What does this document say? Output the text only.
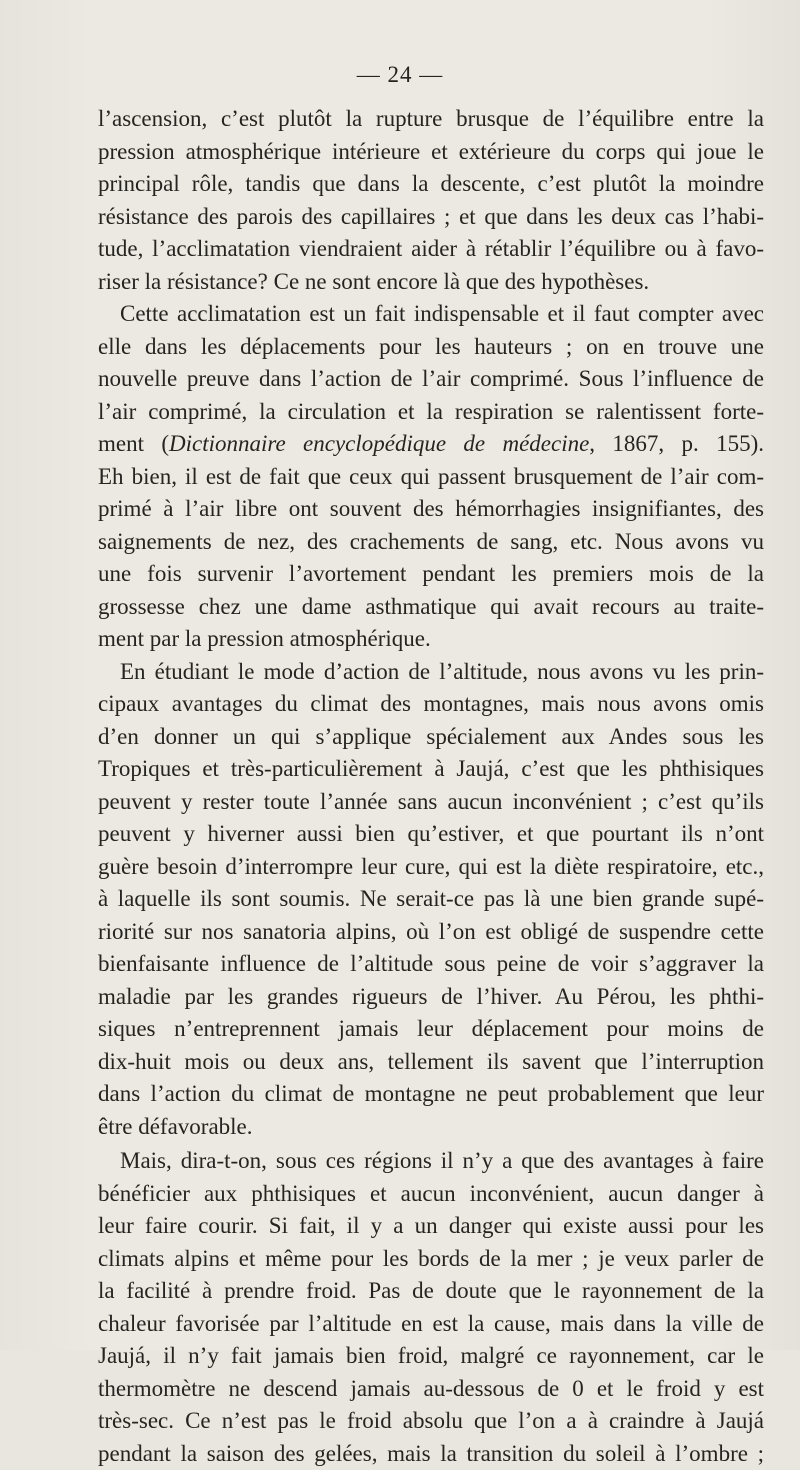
— 24 —
l’ascension, c’est plutôt la rupture brusque de l’équilibre entre la
pression atmosphérique intérieure et extérieure du corps qui joue le
principal rôle, tandis que dans la descente, c’est plutôt la moindre
résistance des parois des capillaires ; et que dans les deux cas l’habi-
tude, l’acclimatation viendraient aider à rétablir l’équilibre ou à favo-
riser la résistance? Ce ne sont encore là que des hypothèses.
Cette acclimatation est un fait indispensable et il faut compter avec
elle dans les déplacements pour les hauteurs ; on en trouve une
nouvelle preuve dans l’action de l’air comprimé. Sous l’influence de
l’air comprimé, la circulation et la respiration se ralentissent forte-
ment (Dictionnaire encyclopédique de médecine, 1867, p. 155).
Eh bien, il est de fait que ceux qui passent brusquement de l’air com-
primé à l’air libre ont souvent des hémorrhagies insignifiantes, des
saignements de nez, des crachements de sang, etc. Nous avons vu
une fois survenir l’avortement pendant les premiers mois de la
grossesse chez une dame asthmatique qui avait recours au traite-
ment par la pression atmosphérique.
En étudiant le mode d’action de l’altitude, nous avons vu les prin-
cipaux avantages du climat des montagnes, mais nous avons omis
d’en donner un qui s’applique spécialement aux Andes sous les
Tropiques et très-particulièrement à Jaujá, c’est que les phthisiques
peuvent y rester toute l’année sans aucun inconvénient ; c’est qu’ils
peuvent y hiverner aussi bien qu’estiver, et que pourtant ils n’ont
guère besoin d’interrompre leur cure, qui est la diète respiratoire, etc.,
à laquelle ils sont soumis. Ne serait-ce pas là une bien grande supé-
riorité sur nos sanatoria alpins, où l’on est obligé de suspendre cette
bienfaisante influence de l’altitude sous peine de voir s’aggraver la
maladie par les grandes rigueurs de l’hiver. Au Pérou, les phthi-
siques n’entreprennent jamais leur déplacement pour moins de
dix-huit mois ou deux ans, tellement ils savent que l’interruption
dans l’action du climat de montagne ne peut probablement que leur
être défavorable.
Mais, dira-t-on, sous ces régions il n’y a que des avantages à faire
bénéficier aux phthisiques et aucun inconvénient, aucun danger à
leur faire courir. Si fait, il y a un danger qui existe aussi pour les
climats alpins et même pour les bords de la mer ; je veux parler de
la facilité à prendre froid. Pas de doute que le rayonnement de la
chaleur favorisée par l’altitude en est la cause, mais dans la ville de
Jaujá, il n’y fait jamais bien froid, malgré ce rayonnement, car le
thermomètre ne descend jamais au-dessous de 0 et le froid y est
très-sec. Ce n’est pas le froid absolu que l’on a à craindre à Jaujá
pendant la saison des gelées, mais la transition du soleil à l’ombre ;
